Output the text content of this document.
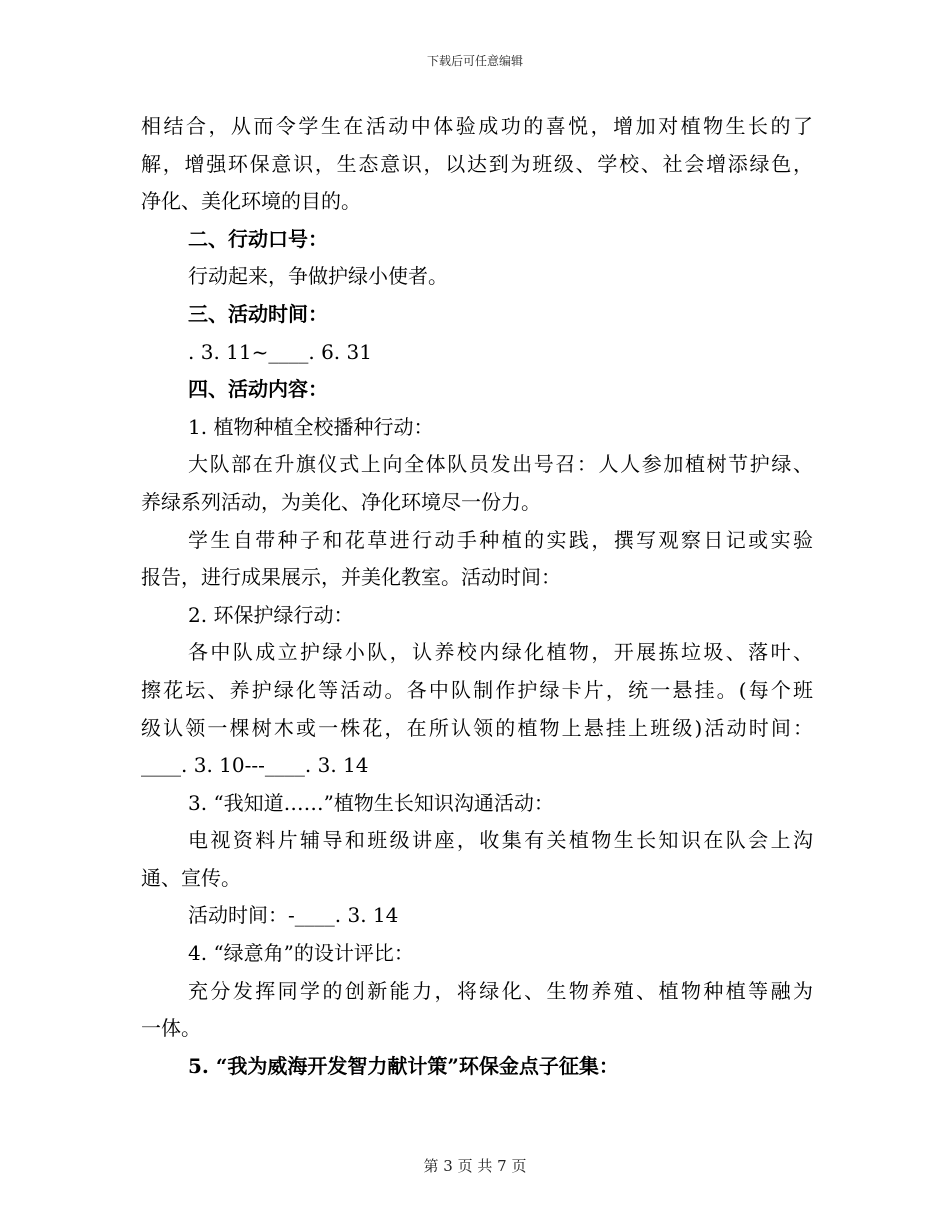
下载后可任意编辑
相结合，从而令学生在活动中体验成功的喜悦，增加对植物生长的了
解，增强环保意识，生态意识，以达到为班级、学校、社会增添绿色，
净化、美化环境的目的。
二、行动口号：
行动起来，争做护绿小使者。
三、活动时间：
. 3. 11~____. 6. 31
四、活动内容：
1. 植物种植全校播种行动：
大队部在升旗仪式上向全体队员发出号召：人人参加植树节护绿、
养绿系列活动，为美化、净化环境尽一份力。
学生自带种子和花草进行动手种植的实践，撰写观察日记或实验
报告，进行成果展示，并美化教室。活动时间：
2. 环保护绿行动：
各中队成立护绿小队，认养校内绿化植物，开展拣垃圾、落叶、
擦花坛、养护绿化等活动。各中队制作护绿卡片，统一悬挂。(每个班
级认领一棵树木或一株花，在所认领的植物上悬挂上班级)活动时间：
____. 3. 10---____. 3. 14
3. “我知道……”植物生长知识沟通活动：
电视资料片辅导和班级讲座，收集有关植物生长知识在队会上沟
通、宣传。
活动时间：-____. 3. 14
4. “绿意角”的设计评比：
充分发挥同学的创新能力，将绿化、生物养殖、植物种植等融为
一体。
5. “我为威海开发智力献计策”环保金点子征集：
第 3 页 共 7 页
